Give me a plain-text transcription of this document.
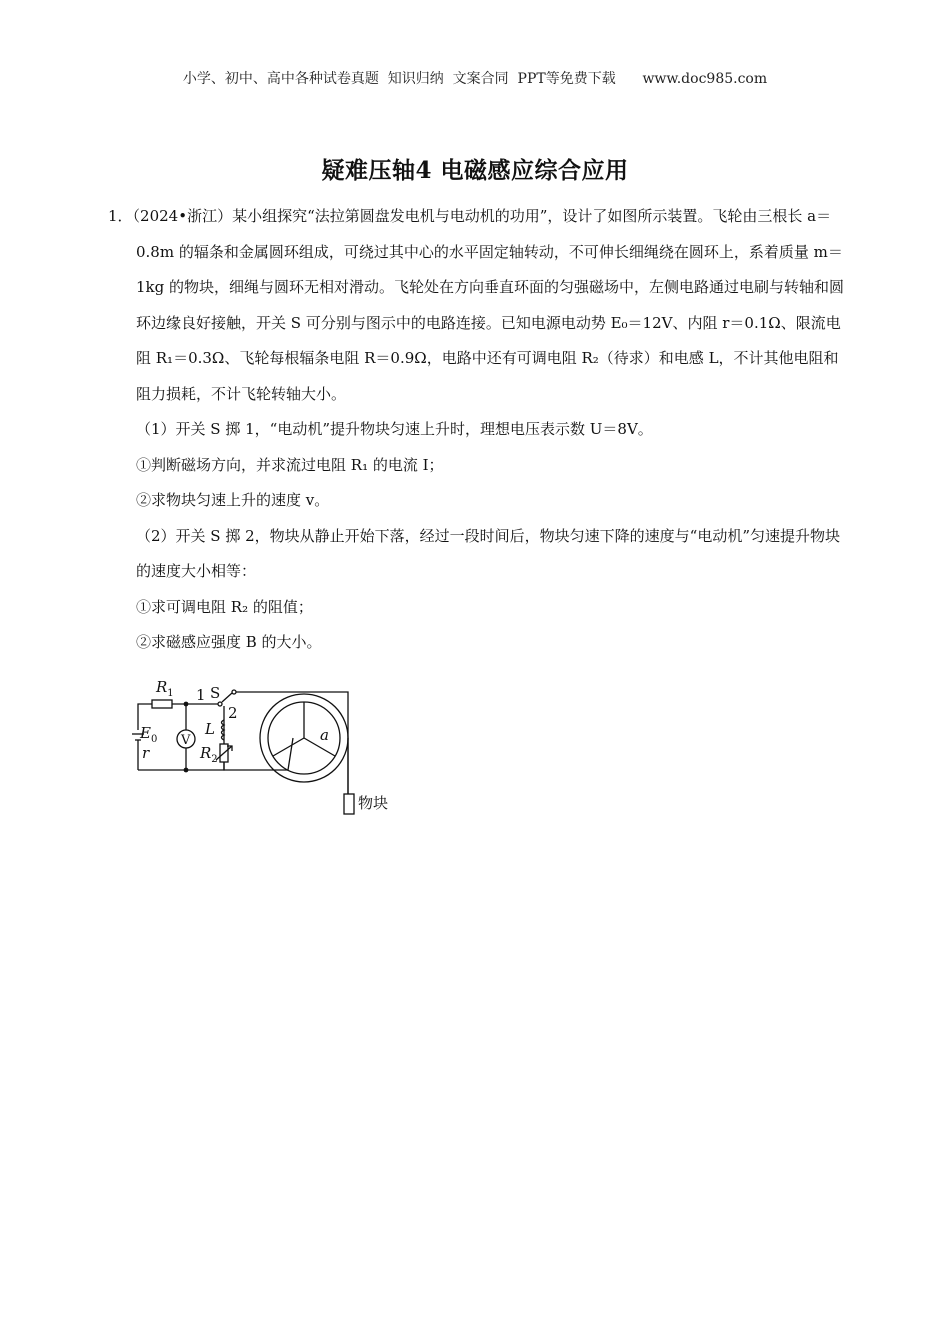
小学、初中、高中各种试卷真题  知识归纳  文案合同  PPT等免费下载      www.doc985.com
疑难压轴4 电磁感应综合应用

1．（2024•浙江）某小组探究“法拉第圆盘发电机与电动机的功用”，设计了如图所示装置。飞轮由三根长 a＝0.8m 的辐条和金属圆环组成，可绕过其中心的水平固定轴转动，不可伸长细绳绕在圆环上，系着质量 m＝1kg 的物块，细绳与圆环无相对滑动。飞轮处在方向垂直环面的匀强磁场中，左侧电路通过电刷与转轴和圆环边缘良好接触，开关 S 可分别与图示中的电路连接。已知电源电动势 E₀＝12V、内阻 r＝0.1Ω、限流电阻 R₁＝0.3Ω、飞轮每根辐条电阻 R＝0.9Ω，电路中还有可调电阻 R₂（待求）和电感 L，不计其他电阻和阻力损耗，不计飞轮转轴大小。

（1）开关 S 掷 1，“电动机”提升物块匀速上升时，理想电压表示数 U＝8V。

①判断磁场方向，并求流过电阻 R₁ 的电流 I；

②求物块匀速上升的速度 v。

（2）开关 S 掷 2，物块从静止开始下落，经过一段时间后，物块匀速下降的速度与“电动机”匀速提升物块的速度大小相等：

①求可调电阻 R₂ 的阻值；

②求磁感应强度 B 的大小。

$R_1$ 1 S
2
$E_0$
r
V
L
$R_2$
a
物块
